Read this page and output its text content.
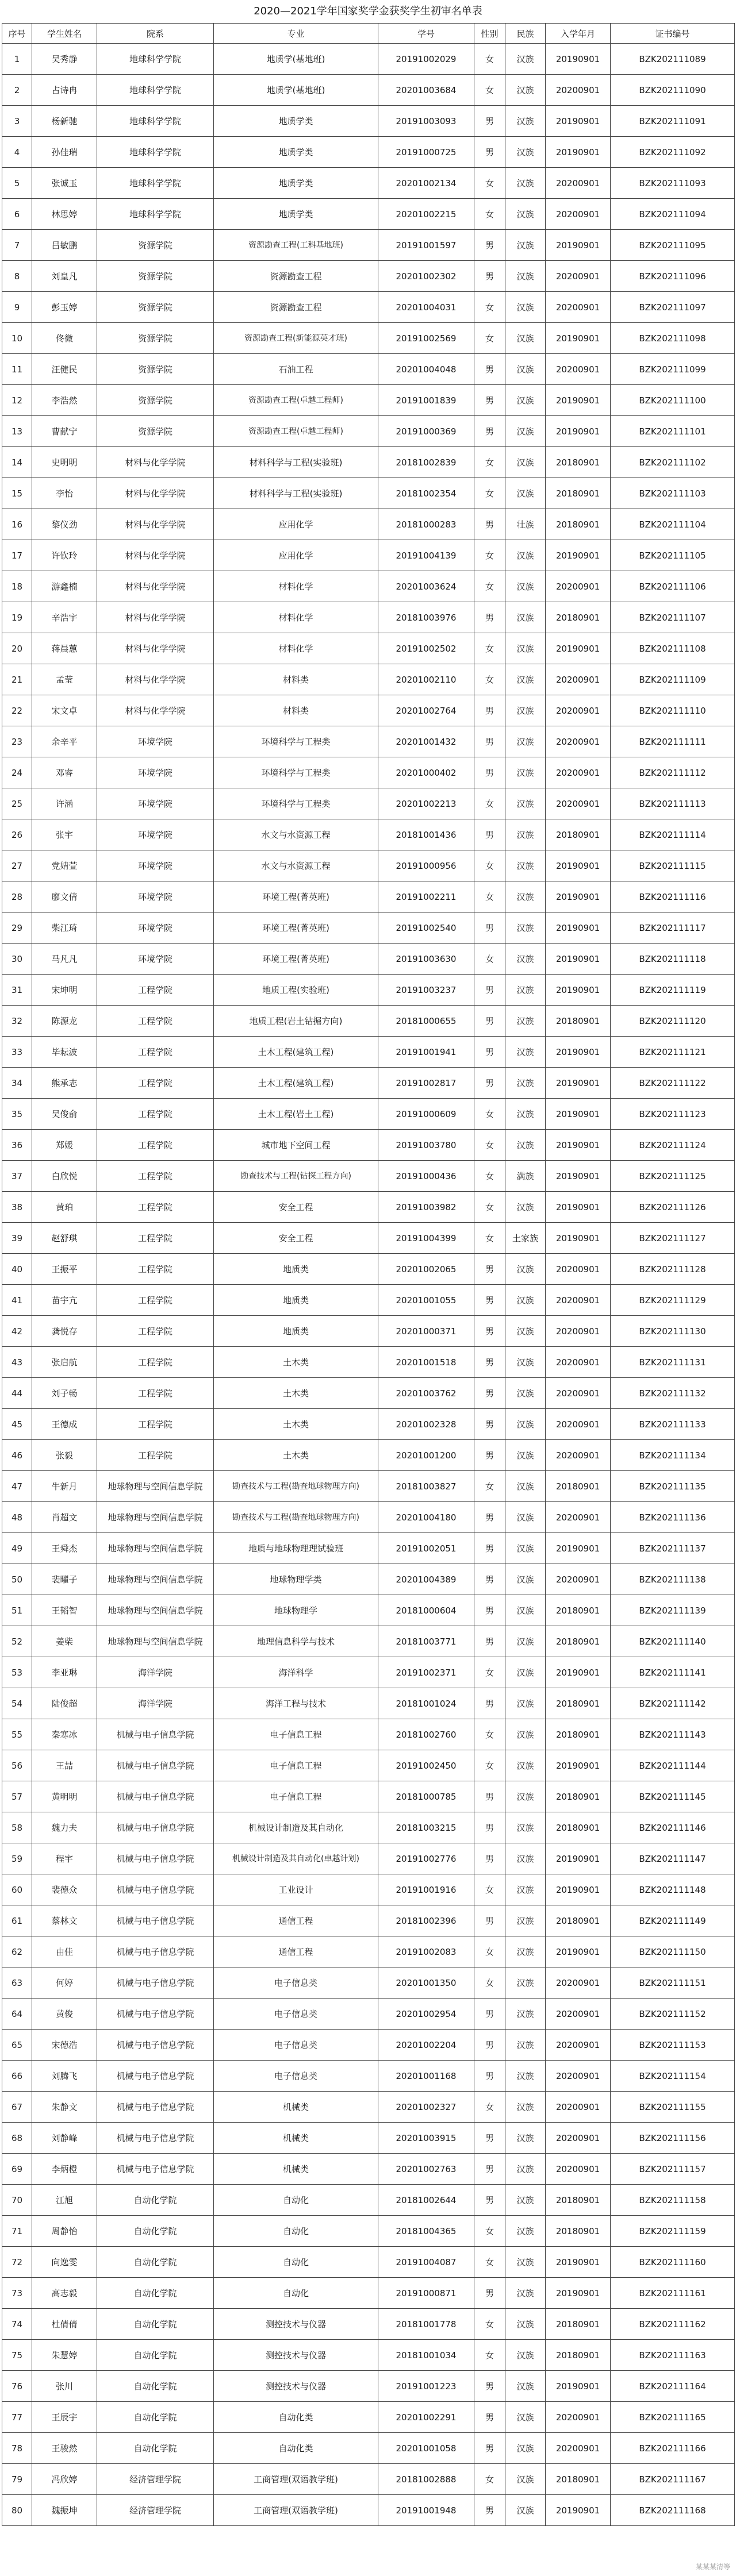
2020—2021学年国家奖学金获奖学生初审名单表
序号	学生姓名	院系	专业	学号	性别	民族	入学年月	证书编号
1	吴秀静	地球科学学院	地质学(基地班)	20191002029	女	汉族	20190901	BZK202111089
2	占诗冉	地球科学学院	地质学(基地班)	20201003684	女	汉族	20200901	BZK202111090
3	杨新驰	地球科学学院	地质学类	20191003093	男	汉族	20190901	BZK202111091
4	孙佳瑞	地球科学学院	地质学类	20191000725	男	汉族	20190901	BZK202111092
5	张诚玉	地球科学学院	地质学类	20201002134	女	汉族	20200901	BZK202111093
6	林思婷	地球科学学院	地质学类	20201002215	女	汉族	20200901	BZK202111094
7	吕敏鹏	资源学院	资源勘查工程(工科基地班)	20191001597	男	汉族	20190901	BZK202111095
8	刘皇凡	资源学院	资源勘查工程	20201002302	男	汉族	20200901	BZK202111096
9	彭玉婷	资源学院	资源勘查工程	20201004031	女	汉族	20200901	BZK202111097
10	佟微	资源学院	资源勘查工程(新能源英才班)	20191002569	女	汉族	20190901	BZK202111098
11	汪健民	资源学院	石油工程	20201004048	男	汉族	20200901	BZK202111099
12	李浩然	资源学院	资源勘查工程(卓越工程师)	20191001839	男	汉族	20190901	BZK202111100
13	曹献宁	资源学院	资源勘查工程(卓越工程师)	20191000369	男	汉族	20190901	BZK202111101
14	史明明	材料与化学学院	材料科学与工程(实验班)	20181002839	女	汉族	20180901	BZK202111102
15	李怡	材料与化学学院	材料科学与工程(实验班)	20181002354	女	汉族	20180901	BZK202111103
16	黎仪劲	材料与化学学院	应用化学	20181000283	男	壮族	20180901	BZK202111104
17	许钦玲	材料与化学学院	应用化学	20191004139	女	汉族	20190901	BZK202111105
18	游鑫楠	材料与化学学院	材料化学	20201003624	女	汉族	20200901	BZK202111106
19	辛浩宇	材料与化学学院	材料化学	20181003976	男	汉族	20180901	BZK202111107
20	蒋晨蕙	材料与化学学院	材料化学	20191002502	女	汉族	20190901	BZK202111108
21	孟莹	材料与化学学院	材料类	20201002110	女	汉族	20200901	BZK202111109
22	宋文卓	材料与化学学院	材料类	20201002764	男	汉族	20200901	BZK202111110
23	余辛平	环境学院	环境科学与工程类	20201001432	男	汉族	20200901	BZK202111111
24	邓睿	环境学院	环境科学与工程类	20201000402	男	汉族	20200901	BZK202111112
25	许涵	环境学院	环境科学与工程类	20201002213	女	汉族	20200901	BZK202111113
26	张宇	环境学院	水文与水资源工程	20181001436	男	汉族	20180901	BZK202111114
27	党婧萱	环境学院	水文与水资源工程	20191000956	女	汉族	20190901	BZK202111115
28	廖文倩	环境学院	环境工程(菁英班)	20191002211	女	汉族	20190901	BZK202111116
29	柴江琦	环境学院	环境工程(菁英班)	20191002540	男	汉族	20190901	BZK202111117
30	马凡凡	环境学院	环境工程(菁英班)	20191003630	女	汉族	20190901	BZK202111118
31	宋坤明	工程学院	地质工程(实验班)	20191003237	男	汉族	20190901	BZK202111119
32	陈源龙	工程学院	地质工程(岩土钻掘方向)	20181000655	男	汉族	20180901	BZK202111120
33	毕耘波	工程学院	土木工程(建筑工程)	20191001941	男	汉族	20190901	BZK202111121
34	熊承志	工程学院	土木工程(建筑工程)	20191002817	男	汉族	20190901	BZK202111122
35	吴俊俞	工程学院	土木工程(岩土工程)	20191000609	女	汉族	20190901	BZK202111123
36	郑媛	工程学院	城市地下空间工程	20191003780	女	汉族	20190901	BZK202111124
37	白欣悦	工程学院	勘查技术与工程(钻探工程方向)	20191000436	女	满族	20190901	BZK202111125
38	黄珀	工程学院	安全工程	20191003982	女	汉族	20190901	BZK202111126
39	赵舒琪	工程学院	安全工程	20191004399	女	土家族	20190901	BZK202111127
40	王振平	工程学院	地质类	20201002065	男	汉族	20200901	BZK202111128
41	苗宇亢	工程学院	地质类	20201001055	男	汉族	20200901	BZK202111129
42	龚悦存	工程学院	地质类	20201000371	男	汉族	20200901	BZK202111130
43	张启航	工程学院	土木类	20201001518	男	汉族	20200901	BZK202111131
44	刘子畅	工程学院	土木类	20201003762	男	汉族	20200901	BZK202111132
45	王德成	工程学院	土木类	20201002328	男	汉族	20200901	BZK202111133
46	张毅	工程学院	土木类	20201001200	男	汉族	20200901	BZK202111134
47	牛新月	地球物理与空间信息学院	勘查技术与工程(勘查地球物理方向)	20181003827	女	汉族	20180901	BZK202111135
48	肖超文	地球物理与空间信息学院	勘查技术与工程(勘查地球物理方向)	20201004180	男	汉族	20200901	BZK202111136
49	王舜杰	地球物理与空间信息学院	地质与地球物理理试验班	20191002051	男	汉族	20190901	BZK202111137
50	裴曜子	地球物理与空间信息学院	地球物理学类	20201004389	男	汉族	20200901	BZK202111138
51	王韬智	地球物理与空间信息学院	地球物理学	20181000604	男	汉族	20180901	BZK202111139
52	姜柴	地球物理与空间信息学院	地理信息科学与技术	20181003771	男	汉族	20180901	BZK202111140
53	李亚琳	海洋学院	海洋科学	20191002371	女	汉族	20190901	BZK202111141
54	陆俊超	海洋学院	海洋工程与技术	20181001024	男	汉族	20180901	BZK202111142
55	秦寒冰	机械与电子信息学院	电子信息工程	20181002760	女	汉族	20180901	BZK202111143
56	王喆	机械与电子信息学院	电子信息工程	20191002450	女	汉族	20190901	BZK202111144
57	黄明明	机械与电子信息学院	电子信息工程	20181000785	男	汉族	20180901	BZK202111145
58	魏力夫	机械与电子信息学院	机械设计制造及其自动化	20181003215	男	汉族	20180901	BZK202111146
59	程宇	机械与电子信息学院	机械设计制造及其自动化(卓越计划)	20191002776	男	汉族	20190901	BZK202111147
60	裴德众	机械与电子信息学院	工业设计	20191001916	女	汉族	20190901	BZK202111148
61	蔡林文	机械与电子信息学院	通信工程	20181002396	男	汉族	20180901	BZK202111149
62	由佳	机械与电子信息学院	通信工程	20191002083	女	汉族	20190901	BZK202111150
63	何婷	机械与电子信息学院	电子信息类	20201001350	女	汉族	20200901	BZK202111151
64	黄俊	机械与电子信息学院	电子信息类	20201002954	男	汉族	20200901	BZK202111152
65	宋德浩	机械与电子信息学院	电子信息类	20201002204	男	汉族	20200901	BZK202111153
66	刘腾飞	机械与电子信息学院	电子信息类	20201001168	男	汉族	20200901	BZK202111154
67	朱静文	机械与电子信息学院	机械类	20201002327	女	汉族	20200901	BZK202111155
68	刘静峰	机械与电子信息学院	机械类	20201003915	男	汉族	20200901	BZK202111156
69	李炳橙	机械与电子信息学院	机械类	20201002763	男	汉族	20200901	BZK202111157
70	江旭	自动化学院	自动化	20181002644	男	汉族	20180901	BZK202111158
71	周静怡	自动化学院	自动化	20181004365	女	汉族	20180901	BZK202111159
72	向逸雯	自动化学院	自动化	20191004087	女	汉族	20190901	BZK202111160
73	高志毅	自动化学院	自动化	20191000871	男	汉族	20190901	BZK202111161
74	杜倩倩	自动化学院	测控技术与仪器	20181001778	女	汉族	20180901	BZK202111162
75	朱慧婷	自动化学院	测控技术与仪器	20181001034	女	汉族	20180901	BZK202111163
76	张川	自动化学院	测控技术与仪器	20191001223	男	汉族	20190901	BZK202111164
77	王辰宇	自动化学院	自动化类	20201002291	男	汉族	20200901	BZK202111165
78	王骏然	自动化学院	自动化类	20201001058	男	汉族	20200901	BZK202111166
79	冯欣婷	经济管理学院	工商管理(双语教学班)	20181002888	女	汉族	20180901	BZK202111167
80	魏振坤	经济管理学院	工商管理(双语教学班)	20191001948	男	汉族	20190901	BZK202111168
某某某清等
